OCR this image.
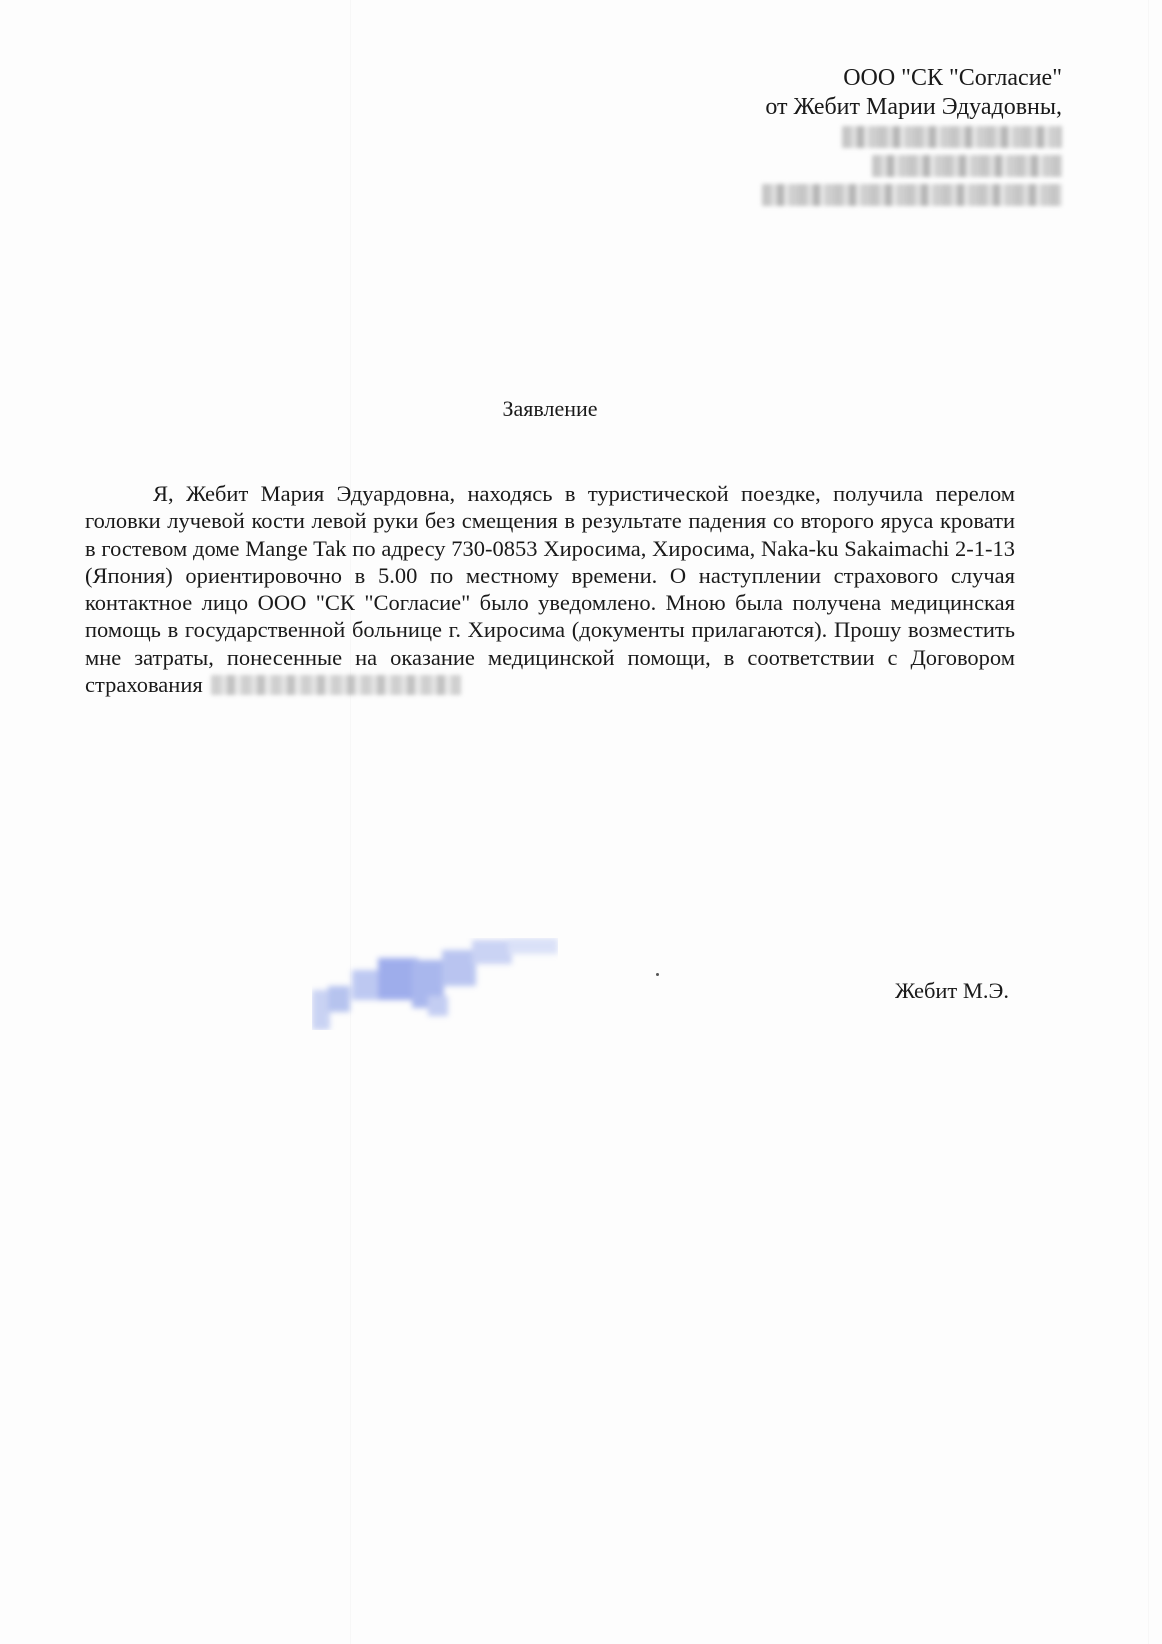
ООО "СК "Согласие"
от Жебит Марии Эдуадовны,
Заявление
Я, Жебит Мария Эдуардовна, находясь в туристической поездке, получила перелом головки лучевой кости левой руки без смещения в результате падения со второго яруса кровати в гостевом доме Mange Tak по адресу 730-0853 Хиросима, Хиросима, Naka-ku Sakaimachi 2-1-13 (Япония) ориентировочно в 5.00 по местному времени. О наступлении страхового случая контактное лицо ООО "СК "Согласие" было уведомлено. Мною была получена медицинская помощь в государственной больнице г. Хиросима (документы прилагаются). Прошу возместить мне затраты, понесенные на оказание медицинской помощи, в соответствии с Договором страхования
Жебит М.Э.
